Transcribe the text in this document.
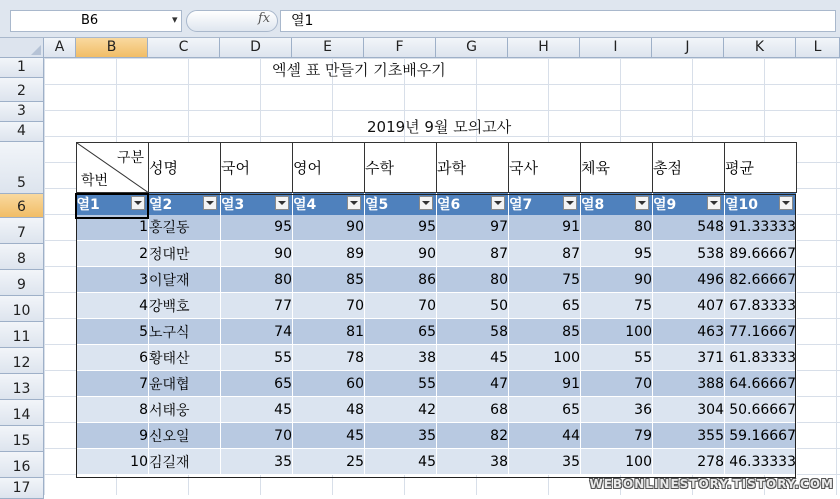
B6	▾	fx	열1
A	B	C	D	E	F	G	H	I	J	K	L
1
2
3
4
5
6
7
8
9
10
11
12
13
14
15
16
17
엑셀 표 만들기 기초배우기
2019년 9월 모의고사
구분
학번	성명	국어	영어	수학	과학	국사	체육	총점	평균
열1	열2	열3	열4	열5	열6	열7	열8	열9	열10

1	홍길동	95	90	95	97	91	80	548	91.33333
2	정대만	90	89	90	87	87	95	538	89.66667
3	이달재	80	85	86	80	75	90	496	82.66667
4	강백호	77	70	70	50	65	75	407	67.83333
5	노구식	74	81	65	58	85	100	463	77.16667
6	황태산	55	78	38	45	100	55	371	61.83333
7	윤대협	65	60	55	47	91	70	388	64.66667
8	서태웅	45	48	42	68	65	36	304	50.66667
9	신오일	70	45	35	82	44	79	355	59.16667
10	김길재	35	25	45	38	35	100	278	46.33333
WEBONLINESTORY.TISTORY.COM
